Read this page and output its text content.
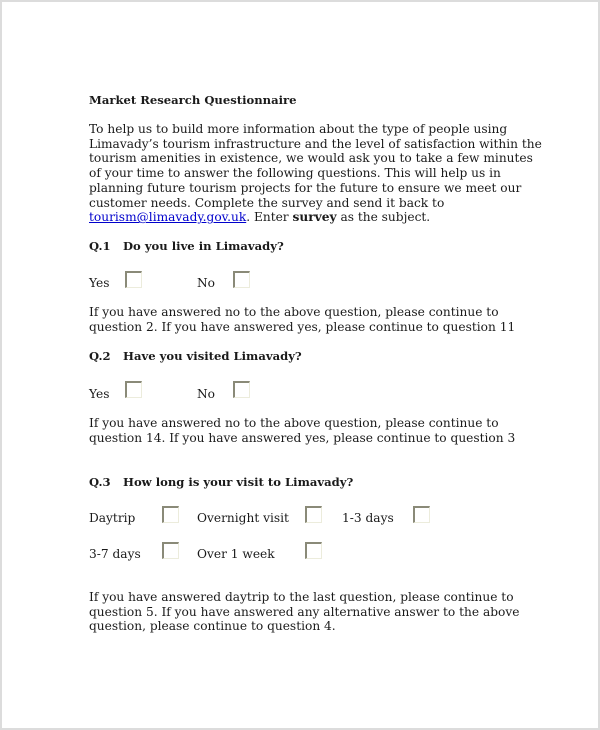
Market Research Questionnaire
To help us to build more information about the type of people using
Limavady’s tourism infrastructure and the level of satisfaction within the
tourism amenities in existence, we would ask you to take a few minutes
of your time to answer the following questions. This will help us in
planning future tourism projects for the future to ensure we meet our
customer needs. Complete the survey and send it back to
tourism@limavady.gov.uk. Enter survey as the subject.
Q.1 Do you live in Limavady?
Yes	No
If you have answered no to the above question, please continue to
question 2. If you have answered yes, please continue to question 11
Q.2 Have you visited Limavady?
Yes	No
If you have answered no to the above question, please continue to
question 14. If you have answered yes, please continue to question 3
Q.3 How long is your visit to Limavady?
Daytrip	Overnight visit	1-3 days
3-7 days	Over 1 week
If you have answered daytrip to the last question, please continue to
question 5. If you have answered any alternative answer to the above
question, please continue to question 4.
